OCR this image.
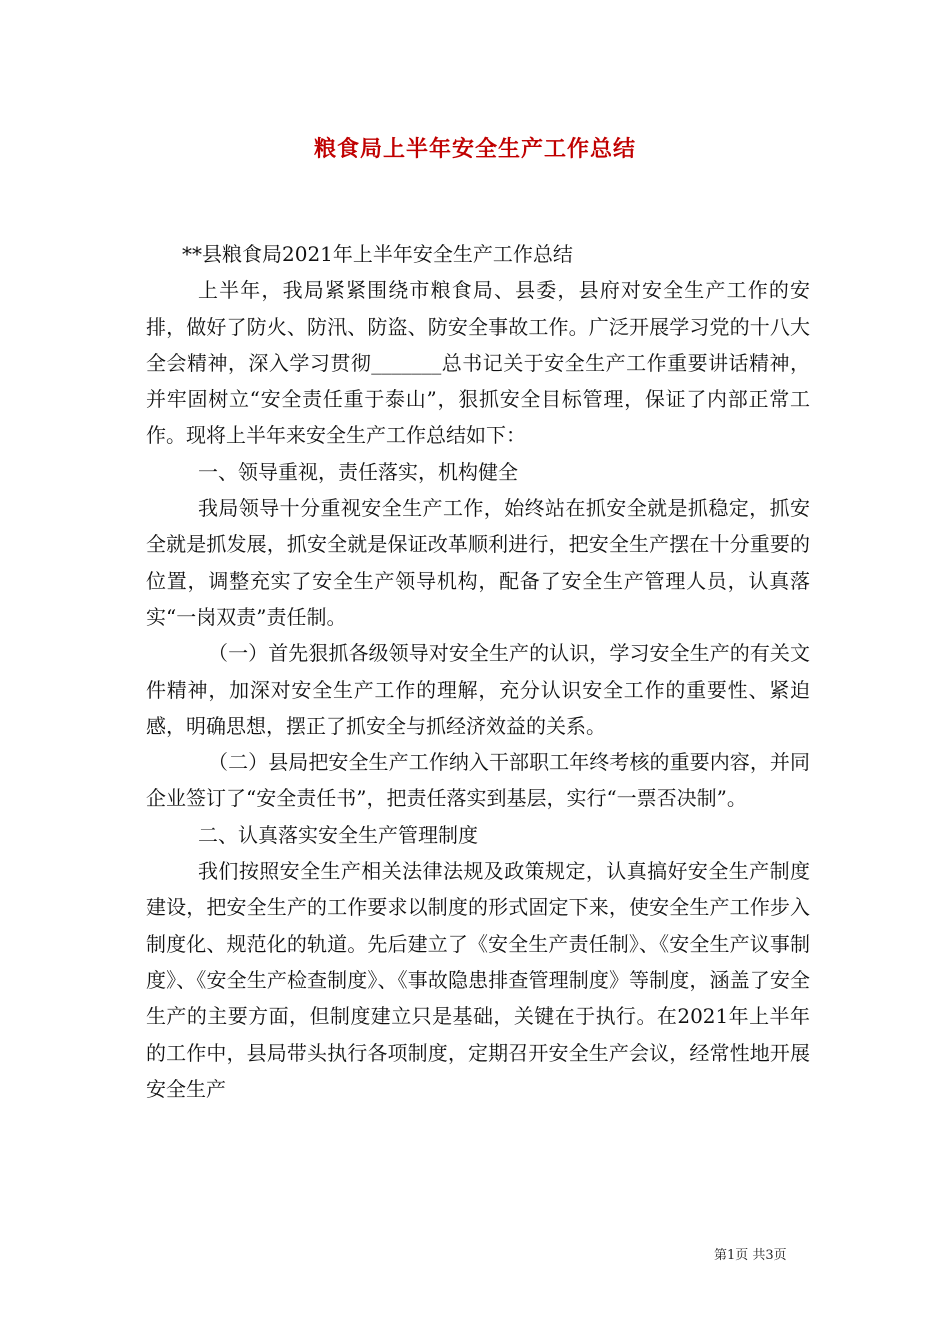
粮食局上半年安全生产工作总结

**县粮食局2021年上半年安全生产工作总结

上半年，我局紧紧围绕市粮食局、县委，县府对安全生产工作的安排，做好了防火、防汛、防盗、防安全事故工作。广泛开展学习党的十八大全会精神，深入学习贯彻_______总书记关于安全生产工作重要讲话精神，并牢固树立“安全责任重于泰山”，狠抓安全目标管理，保证了内部正常工作。现将上半年来安全生产工作总结如下：

一、领导重视，责任落实，机构健全

我局领导十分重视安全生产工作，始终站在抓安全就是抓稳定，抓安全就是抓发展，抓安全就是保证改革顺利进行，把安全生产摆在十分重要的位置，调整充实了安全生产领导机构，配备了安全生产管理人员，认真落实“一岗双责”责任制。

（一）首先狠抓各级领导对安全生产的认识，学习安全生产的有关文件精神，加深对安全生产工作的理解，充分认识安全工作的重要性、紧迫感，明确思想，摆正了抓安全与抓经济效益的关系。

（二）县局把安全生产工作纳入干部职工年终考核的重要内容，并同企业签订了“安全责任书”，把责任落实到基层，实行“一票否决制”。

二、认真落实安全生产管理制度

我们按照安全生产相关法律法规及政策规定，认真搞好安全生产制度建设，把安全生产的工作要求以制度的形式固定下来，使安全生产工作步入制度化、规范化的轨道。先后建立了《安全生产责任制》、《安全生产议事制度》、《安全生产检查制度》、《事故隐患排查管理制度》等制度，涵盖了安全生产的主要方面，但制度建立只是基础，关键在于执行。在2021年上半年的工作中，县局带头执行各项制度，定期召开安全生产会议，经常性地开展安全生产

第1页 共3页
